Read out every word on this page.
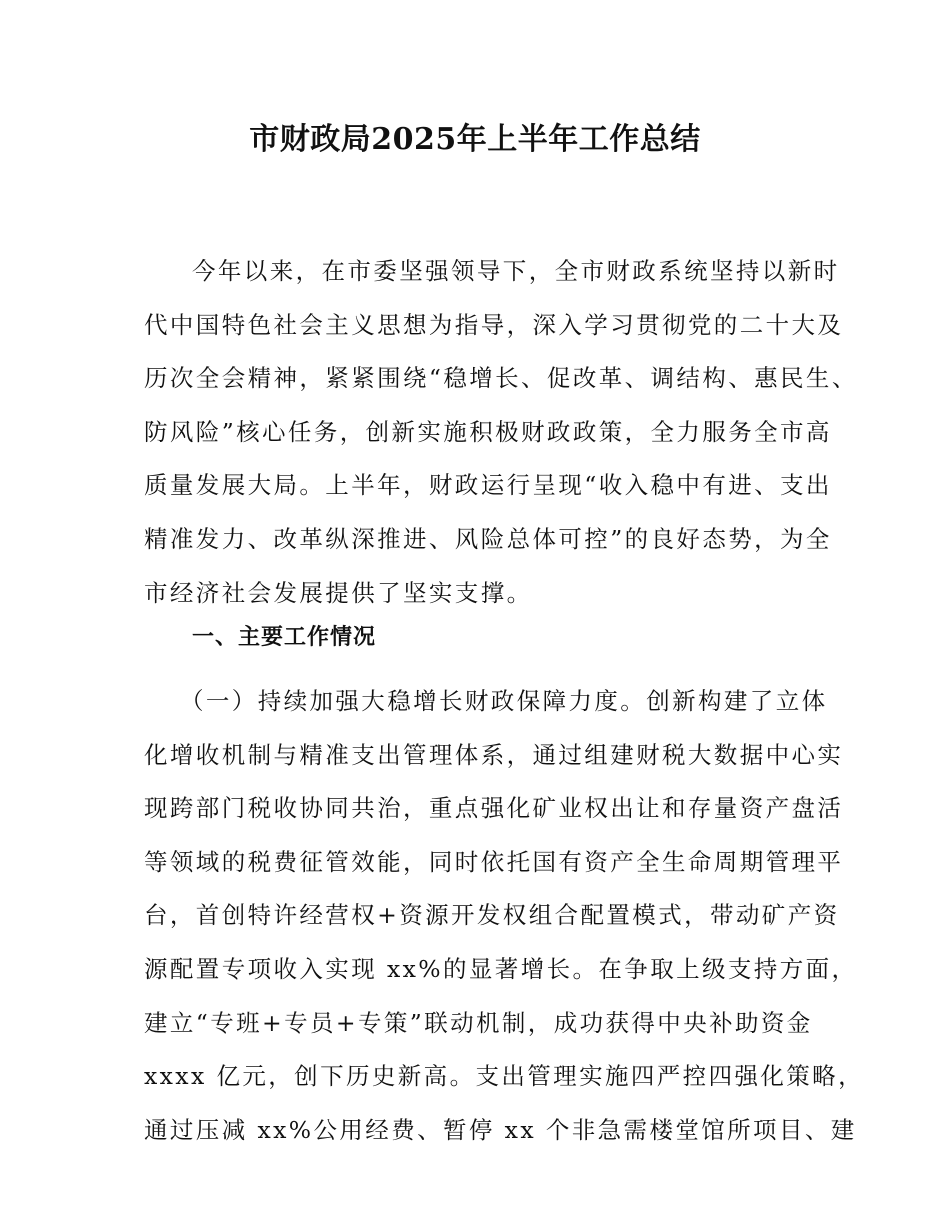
市财政局2025年上半年工作总结
今年以来，在市委坚强领导下，全市财政系统坚持以新时
代中国特色社会主义思想为指导，深入学习贯彻党的二十大及
历次全会精神，紧紧围绕“稳增长、促改革、调结构、惠民生、
防风险”核心任务，创新实施积极财政政策，全力服务全市高
质量发展大局。上半年，财政运行呈现“收入稳中有进、支出
精准发力、改革纵深推进、风险总体可控”的良好态势，为全
市经济社会发展提供了坚实支撑。
一、主要工作情况
（一）持续加强大稳增长财政保障力度。创新构建了立体
化增收机制与精准支出管理体系，通过组建财税大数据中心实
现跨部门税收协同共治，重点强化矿业权出让和存量资产盘活
等领域的税费征管效能，同时依托国有资产全生命周期管理平
台，首创特许经营权+资源开发权组合配置模式，带动矿产资
源配置专项收入实现 xx%的显著增长。在争取上级支持方面，
建立“专班+专员+专策”联动机制，成功获得中央补助资金
xxxx 亿元，创下历史新高。支出管理实施四严控四强化策略，
通过压减 xx%公用经费、暂停 xx 个非急需楼堂馆所项目、建
